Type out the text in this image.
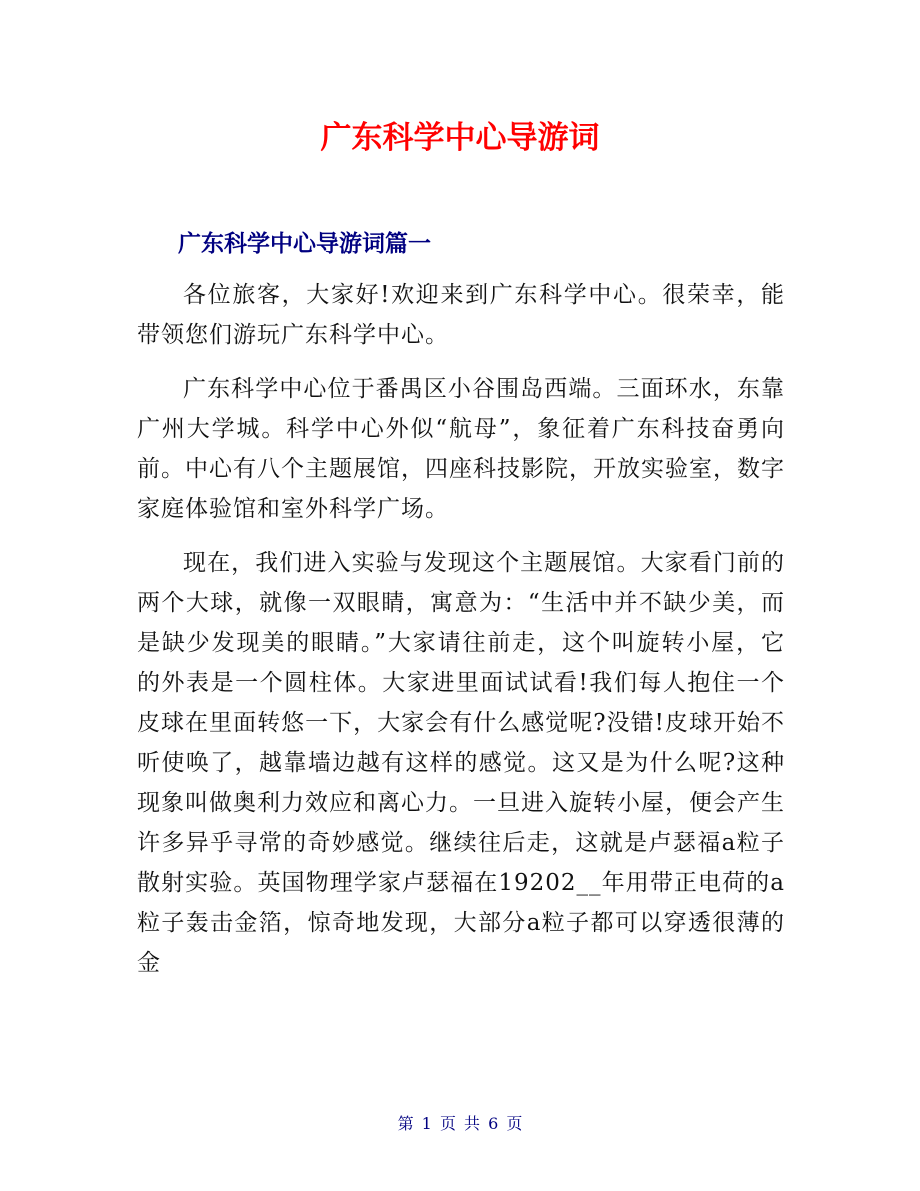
广东科学中心导游词
广东科学中心导游词篇一

各位旅客，大家好!欢迎来到广东科学中心。很荣幸，能带领您们游玩广东科学中心。

广东科学中心位于番禺区小谷围岛西端。三面环水，东靠广州大学城。科学中心外似“航母”，象征着广东科技奋勇向前。中心有八个主题展馆，四座科技影院，开放实验室，数字家庭体验馆和室外科学广场。

现在，我们进入实验与发现这个主题展馆。大家看门前的两个大球，就像一双眼睛，寓意为：“生活中并不缺少美，而是缺少发现美的眼睛。”大家请往前走，这个叫旋转小屋，它的外表是一个圆柱体。大家进里面试试看!我们每人抱住一个皮球在里面转悠一下，大家会有什么感觉呢?没错!皮球开始不听使唤了，越靠墙边越有这样的感觉。这又是为什么呢?这种现象叫做奥利力效应和离心力。一旦进入旋转小屋，便会产生许多异乎寻常的奇妙感觉。继续往后走，这就是卢瑟福a粒子散射实验。英国物理学家卢瑟福在19202__年用带正电荷的a粒子轰击金箔，惊奇地发现，大部分a粒子都可以穿透很薄的金

第 1 页 共 6 页
